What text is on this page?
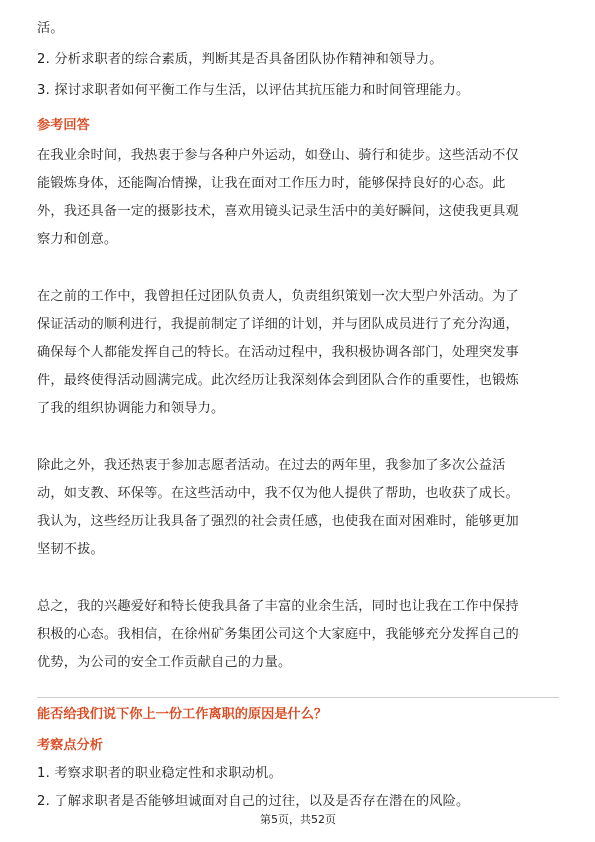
活。
2. 分析求职者的综合素质，判断其是否具备团队协作精神和领导力。
3. 探讨求职者如何平衡工作与生活，以评估其抗压能力和时间管理能力。
参考回答
在我业余时间，我热衷于参与各种户外运动，如登山、骑行和徒步。这些活动不仅
能锻炼身体，还能陶冶情操，让我在面对工作压力时，能够保持良好的心态。此
外，我还具备一定的摄影技术，喜欢用镜头记录生活中的美好瞬间，这使我更具观
察力和创意。
在之前的工作中，我曾担任过团队负责人，负责组织策划一次大型户外活动。为了
保证活动的顺利进行，我提前制定了详细的计划，并与团队成员进行了充分沟通，
确保每个人都能发挥自己的特长。在活动过程中，我积极协调各部门，处理突发事
件，最终使得活动圆满完成。此次经历让我深刻体会到团队合作的重要性，也锻炼
了我的组织协调能力和领导力。
除此之外，我还热衷于参加志愿者活动。在过去的两年里，我参加了多次公益活
动，如支教、环保等。在这些活动中，我不仅为他人提供了帮助，也收获了成长。
我认为，这些经历让我具备了强烈的社会责任感，也使我在面对困难时，能够更加
坚韧不拔。
总之，我的兴趣爱好和特长使我具备了丰富的业余生活，同时也让我在工作中保持
积极的心态。我相信，在徐州矿务集团公司这个大家庭中，我能够充分发挥自己的
优势，为公司的安全工作贡献自己的力量。
能否给我们说下你上一份工作离职的原因是什么？
考察点分析
1. 考察求职者的职业稳定性和求职动机。
2. 了解求职者是否能够坦诚面对自己的过往，以及是否存在潜在的风险。
第5页，共52页
